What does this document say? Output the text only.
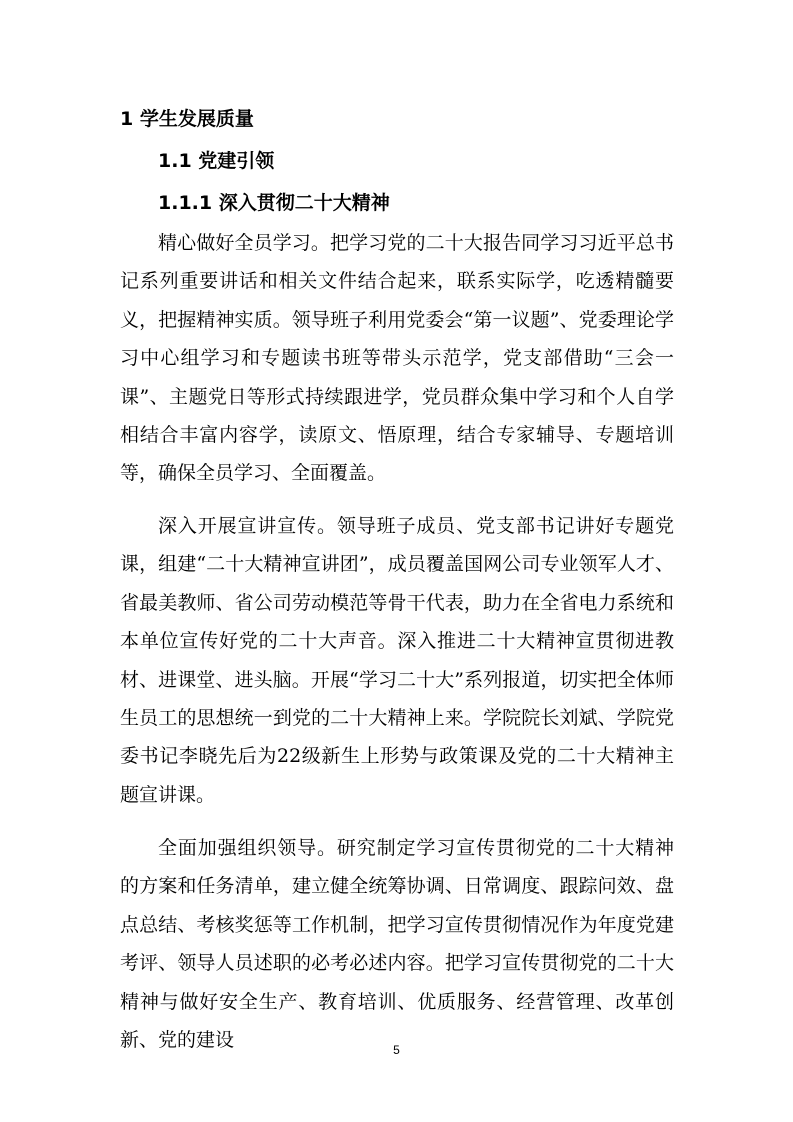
1 学生发展质量
1.1 党建引领
1.1.1 深入贯彻二十大精神

精心做好全员学习。把学习党的二十大报告同学习习近平总书记系列重要讲话和相关文件结合起来，联系实际学，吃透精髓要义，把握精神实质。领导班子利用党委会“第一议题”、党委理论学习中心组学习和专题读书班等带头示范学，党支部借助“三会一课”、主题党日等形式持续跟进学，党员群众集中学习和个人自学相结合丰富内容学，读原文、悟原理，结合专家辅导、专题培训等，确保全员学习、全面覆盖。

深入开展宣讲宣传。领导班子成员、党支部书记讲好专题党课，组建“二十大精神宣讲团”，成员覆盖国网公司专业领军人才、省最美教师、省公司劳动模范等骨干代表，助力在全省电力系统和本单位宣传好党的二十大声音。深入推进二十大精神宣贯彻进教材、进课堂、进头脑。开展“学习二十大”系列报道，切实把全体师生员工的思想统一到党的二十大精神上来。学院院长刘斌、学院党委书记李晓先后为22级新生上形势与政策课及党的二十大精神主题宣讲课。

全面加强组织领导。研究制定学习宣传贯彻党的二十大精神 的方案和任务清单，建立健全统筹协调、日常调度、跟踪问效、盘点总结、考核奖惩等工作机制，把学习宣传贯彻情况作为年度党建考评、领导人员述职的必考必述内容。把学习宣传贯彻党的二十大精神与做好安全生产、教育培训、优质服务、经营管理、改革创新、党的建设	5
